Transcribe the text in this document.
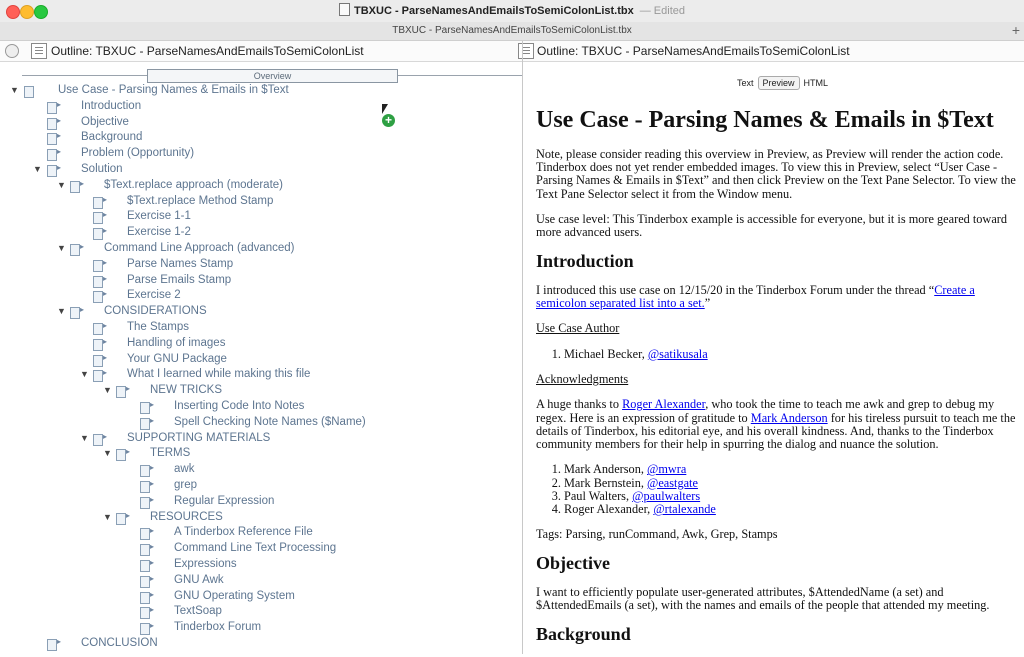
TBXUC - ParseNamesAndEmailsToSemiColonList.tbx — Edited
TBXUC - ParseNamesAndEmailsToSemiColonList.tbx	+
Outline: TBXUC - ParseNamesAndEmailsToSemiColonList	Outline: TBXUC - ParseNamesAndEmailsToSemiColonList
Overview
▼	Use Case - Parsing Names & Emails in $Text
▸
Introduction
▸
Objective
▸
Background
▸
Problem (Opportunity)
▼ ▸	Solution
▼ ▸	$Text.replace approach (moderate)
▸
$Text.replace Method Stamp
▸
Exercise 1-1
▸
Exercise 1-2
▼ ▸	Command Line Approach (advanced)
▸
Parse Names Stamp
▸
Parse Emails Stamp
▸
Exercise 2
▼ ▸	CONSIDERATIONS
▸
The Stamps
▸
Handling of images
▸
Your GNU Package
▼ ▸	What I learned while making this file
▼ ▸	NEW TRICKS
▸
Inserting Code Into Notes
▸
Spell Checking Note Names ($Name)
▼ ▸	SUPPORTING MATERIALS
▼ ▸	TERMS
▸
awk
▸
grep
▸
Regular Expression
▼ ▸	RESOURCES
▸
A Tinderbox Reference File
▸
Command Line Text Processing
▸
Expressions
▸
GNU Awk
▸
GNU Operating System
▸
TextSoap
▸
Tinderbox Forum
▸
CONCLUSION
+
Text Preview HTML
Use Case - Parsing Names & Emails in $Text

Note, please consider reading this overview in Preview, as Preview will render the action code. Tinderbox does not yet render embedded images. To view this in Preview, select “User Case - Parsing Names & Emails in $Text” and then click Preview on the Text Pane Selector. To view the Text Pane Selector select it from the Window menu.

Use case level: This Tinderbox example is accessible for everyone, but it is more geared toward more advanced users.

Introduction

I introduced this use case on 12/15/20 in the Tinderbox Forum under the thread “Create a semicolon separated list into a set.”

Use Case Author

1. Michael Becker, @satikusala

Acknowledgments

A huge thanks to Roger Alexander, who took the time to teach me awk and grep to debug my regex. Here is an expression of gratitude to Mark Anderson for his tireless pursuit to teach me the details of Tinderbox, his editorial eye, and his overall kindness. And, thanks to the Tinderbox community members for their help in spurring the dialog and nuance the solution.

1. Mark Anderson, @mwra
2. Mark Bernstein, @eastgate
3. Paul Walters, @paulwalters
4. Roger Alexander, @rtalexande

Tags: Parsing, runCommand, Awk, Grep, Stamps

Objective

I want to efficiently populate user-generated attributes, $AttendedName (a set) and $AttendedEmails (a set), with the names and emails of the people that attended my meeting.

Background
